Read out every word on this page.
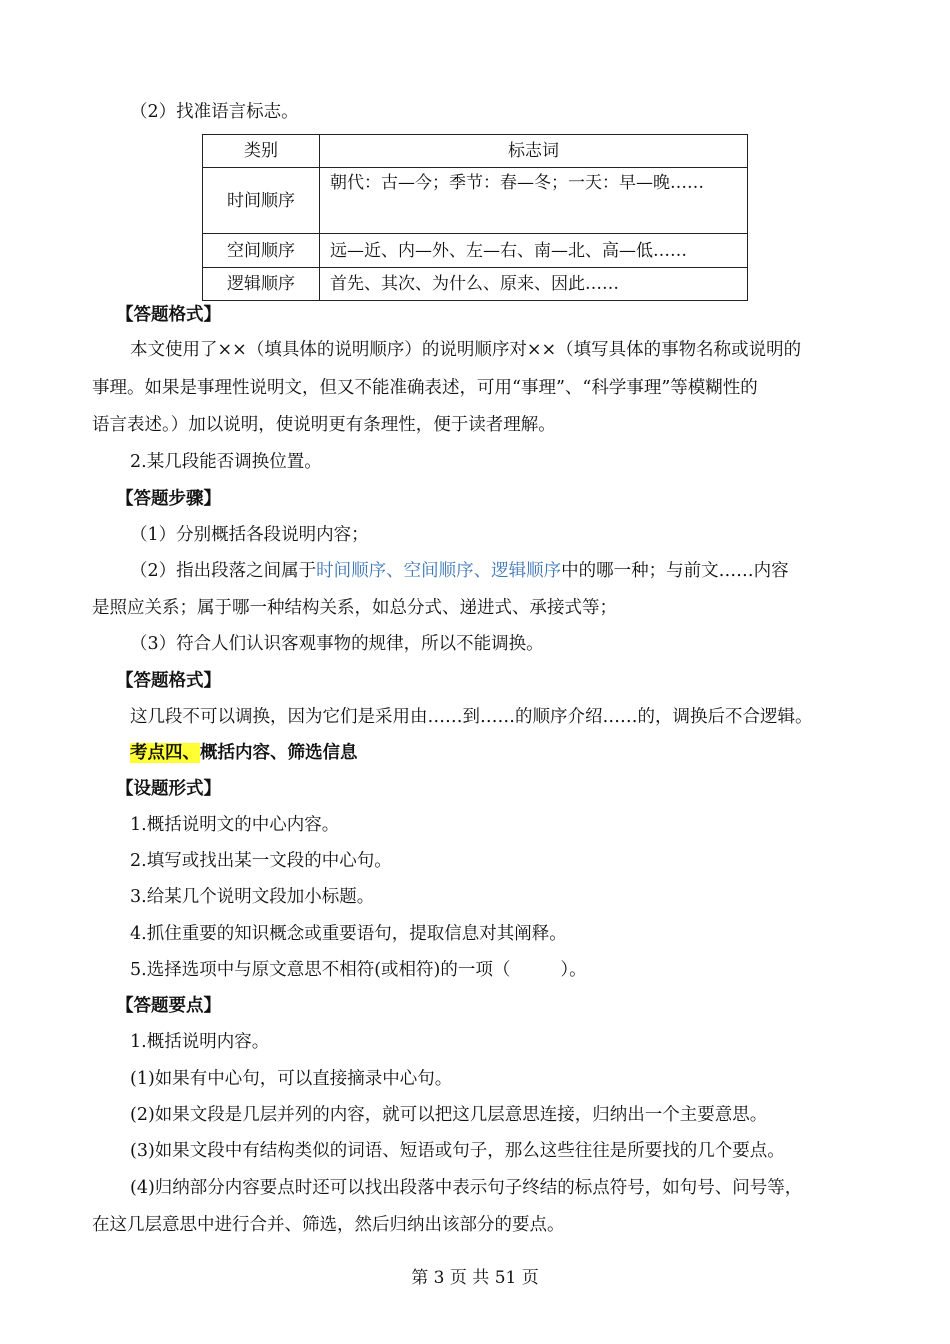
（2）找准语言标志。
类别	标志词
时间顺序	朝代：古—今；季节：春—冬；一天：早—晚……
空间顺序	远—近、内—外、左—右、南—北、高—低……
逻辑顺序	首先、其次、为什么、原来、因此……
【答题格式】
本文使用了××（填具体的说明顺序）的说明顺序对××（填写具体的事物名称或说明的
事理。如果是事理性说明文，但又不能准确表述，可用“事理”、“科学事理”等模糊性的
语言表述。）加以说明，使说明更有条理性，便于读者理解。
2.某几段能否调换位置。
【答题步骤】
（1）分别概括各段说明内容；
（2）指出段落之间属于时间顺序、空间顺序、逻辑顺序中的哪一种；与前文……内容
是照应关系；属于哪一种结构关系，如总分式、递进式、承接式等；
（3）符合人们认识客观事物的规律，所以不能调换。
【答题格式】
这几段不可以调换，因为它们是采用由……到……的顺序介绍……的，调换后不合逻辑。
考点四、概括内容、筛选信息
【设题形式】
1.概括说明文的中心内容。
2.填写或找出某一文段的中心句。
3.给某几个说明文段加小标题。
4.抓住重要的知识概念或重要语句，提取信息对其阐释。
5.选择选项中与原文意思不相符(或相符)的一项（	）。
【答题要点】
1.概括说明内容。
(1)如果有中心句，可以直接摘录中心句。
(2)如果文段是几层并列的内容，就可以把这几层意思连接，归纳出一个主要意思。
(3)如果文段中有结构类似的词语、短语或句子，那么这些往往是所要找的几个要点。
(4)归纳部分内容要点时还可以找出段落中表示句子终结的标点符号，如句号、问号等，
在这几层意思中进行合并、筛选，然后归纳出该部分的要点。
第 3 页 共 51 页
